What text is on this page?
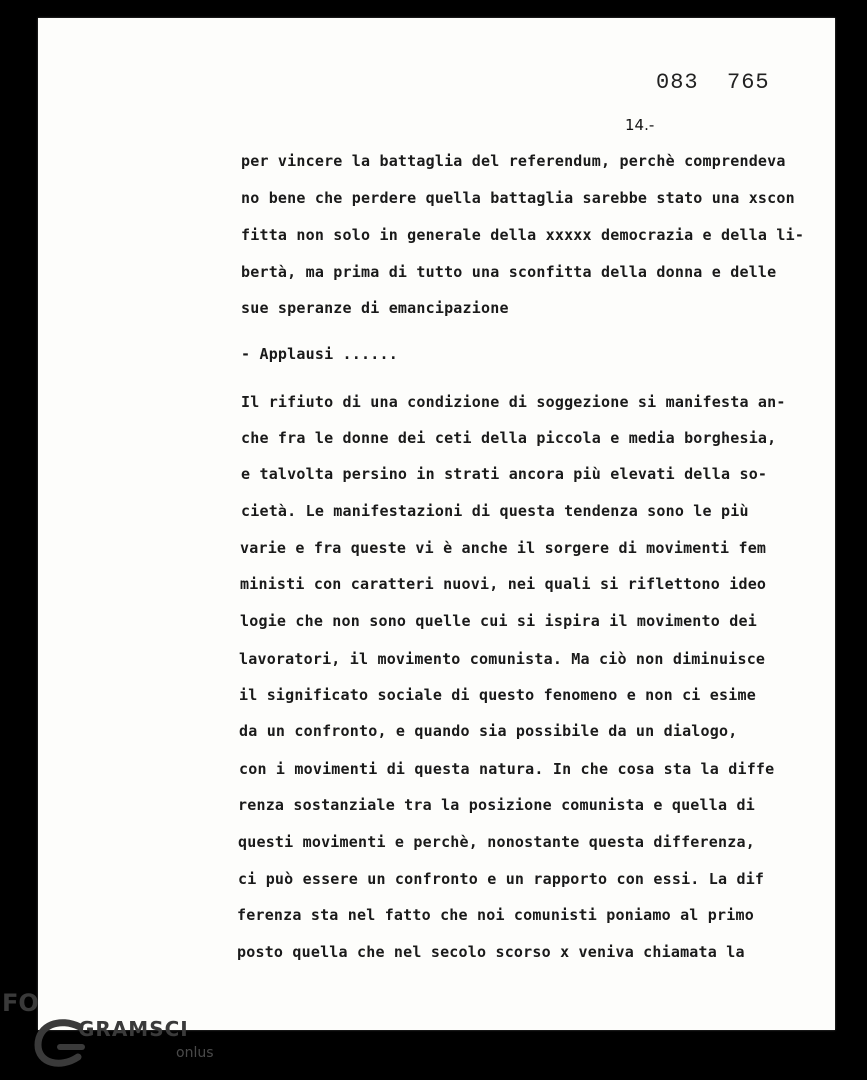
083  765
14.-
per vincere la battaglia del referendum, perchè comprendeva
no bene che perdere quella battaglia sarebbe stato una xscon
fitta non solo in generale della xxxxx democrazia e della li-
bertà, ma prima di tutto una sconfitta della donna e delle
sue speranze di emancipazione
- Applausi ......
Il rifiuto di una condizione di soggezione si manifesta an-
che fra le donne dei ceti della piccola e media borghesia,
e talvolta persino in strati ancora più elevati della so-
cietà. Le manifestazioni di questa tendenza sono le più
varie e fra queste vi è anche il sorgere di movimenti fem
ministi con caratteri nuovi, nei quali si riflettono ideo
logie che non sono quelle cui si ispira il movimento dei
lavoratori, il movimento comunista. Ma ciò non diminuisce
il significato sociale di questo fenomeno e non ci esime
da un confronto, e quando sia possibile da un dialogo,
con i movimenti di questa natura. In che cosa sta la diffe
renza sostanziale tra la posizione comunista e quella di
questi movimenti e perchè, nonostante questa differenza,
ci può essere un confronto e un rapporto con essi. La dif
ferenza sta nel fatto che noi comunisti poniamo al primo
posto quella che nel secolo scorso x veniva chiamata la
FO
GRAMSCI
onlus
